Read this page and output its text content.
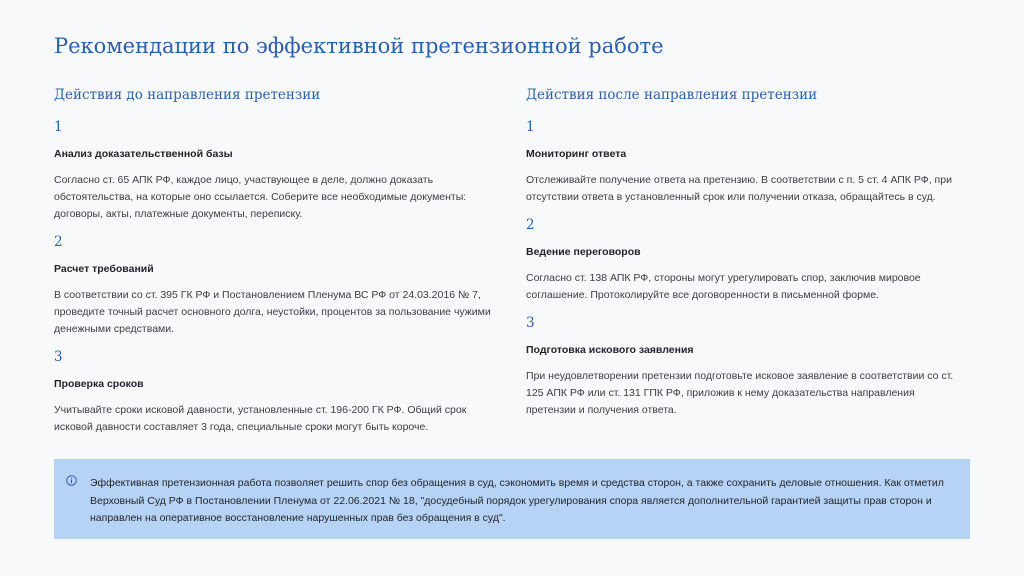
Рекомендации по эффективной претензионной работе
Действия до направления претензии
1
Анализ доказательственной базы
Согласно ст. 65 АПК РФ, каждое лицо, участвующее в деле, должно доказать обстоятельства, на которые оно ссылается. Соберите все необходимые документы: договоры, акты, платежные документы, переписку.
2
Расчет требований
В соответствии со ст. 395 ГК РФ и Постановлением Пленума ВС РФ от 24.03.2016 № 7, проведите точный расчет основного долга, неустойки, процентов за пользование чужими денежными средствами.
3
Проверка сроков
Учитывайте сроки исковой давности, установленные ст. 196-200 ГК РФ. Общий срок исковой давности составляет 3 года, специальные сроки могут быть короче.
Действия после направления претензии
1
Мониторинг ответа
Отслеживайте получение ответа на претензию. В соответствии с п. 5 ст. 4 АПК РФ, при отсутствии ответа в установленный срок или получении отказа, обращайтесь в суд.
2
Ведение переговоров
Согласно ст. 138 АПК РФ, стороны могут урегулировать спор, заключив мировое соглашение. Протоколируйте все договоренности в письменной форме.
3
Подготовка искового заявления
При неудовлетворении претензии подготовьте исковое заявление в соответствии со ст. 125 АПК РФ или ст. 131 ГПК РФ, приложив к нему доказательства направления претензии и получения ответа.
Эффективная претензионная работа позволяет решить спор без обращения в суд, сэкономить время и средства сторон, а также сохранить деловые отношения. Как отметил Верховный Суд РФ в Постановлении Пленума от 22.06.2021 № 18, "досудебный порядок урегулирования спора является дополнительной гарантией защиты прав сторон и направлен на оперативное восстановление нарушенных прав без обращения в суд".
